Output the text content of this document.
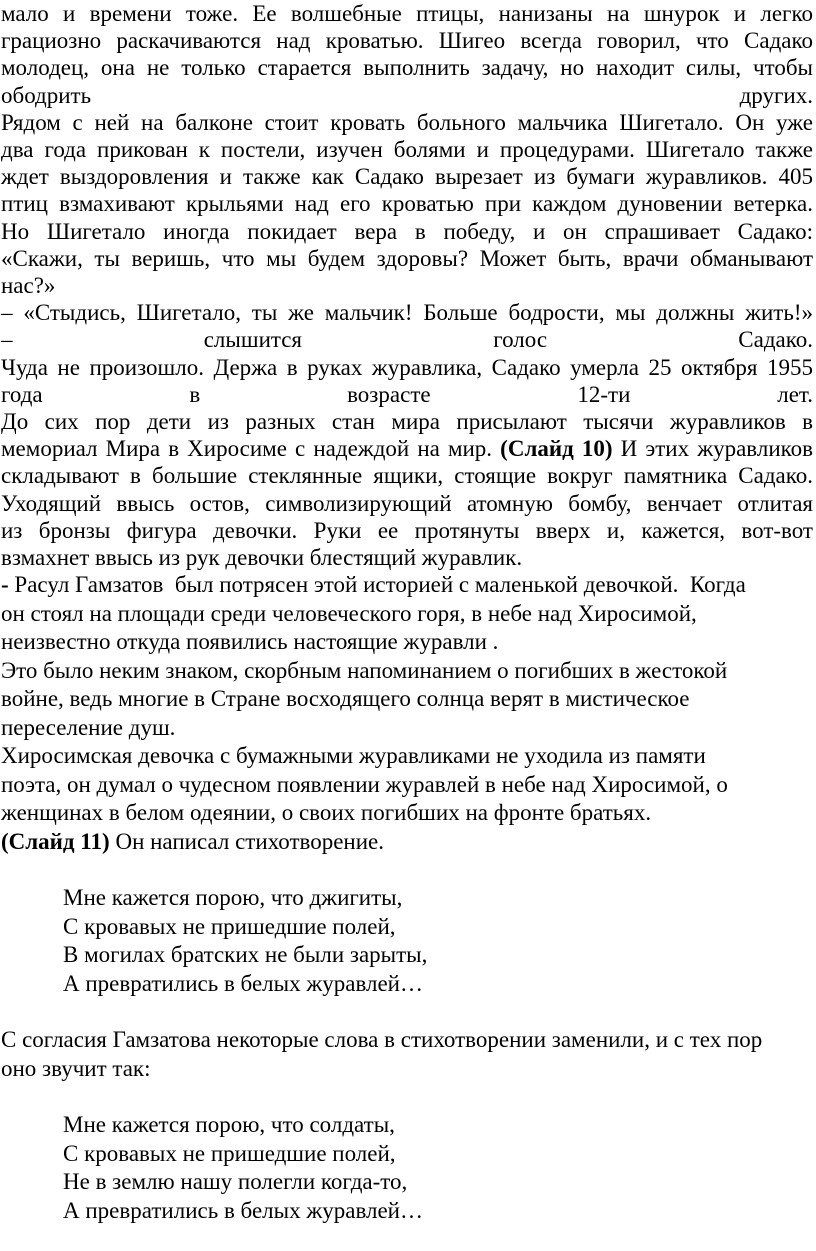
мало и времени тоже. Ее волшебные птицы, нанизаны на шнурок и легко
грациозно раскачиваются над кроватью. Шигео всегда говорил, что Садако
молодец, она не только старается выполнить задачу, но находит силы, чтобы
ободрить	других.
Рядом с ней на балконе стоит кровать больного мальчика Шигетало. Он уже
два года прикован к постели, изучен болями и процедурами. Шигетало также
ждет выздоровления и также как Садако вырезает из бумаги журавликов. 405
птиц взмахивают крыльями над его кроватью при каждом дуновении ветерка.
Но Шигетало иногда покидает вера в победу, и он спрашивает Садако:
«Скажи, ты веришь, что мы будем здоровы? Может быть, врачи обманывают
нас?»
– «Стыдись, Шигетало, ты же мальчик! Больше бодрости, мы должны жить!»
–	слышится	голос	Садако.
Чуда не произошло. Держа в руках журавлика, Садако умерла 25 октября 1955
года	в	возрасте	12-ти	лет.
До сих пор дети из разных стан мира присылают тысячи журавликов в
мемориал Мира в Хиросиме с надеждой на мир. (Слайд 10) И этих журавликов
складывают в большие стеклянные ящики, стоящие вокруг памятника Садако.
Уходящий ввысь остов, символизирующий атомную бомбу, венчает отлитая
из бронзы фигура девочки. Руки ее протянуты вверх и, кажется, вот-вот
взмахнет ввысь из рук девочки блестящий журавлик.
- Расул Гамзатов  был потрясен этой историей с маленькой девочкой.  Когда
он стоял на площади среди человеческого горя, в небе над Хиросимой,
неизвестно откуда появились настоящие журавли .
Это было неким знаком, скорбным напоминанием о погибших в жестокой
войне, ведь многие в Стране восходящего солнца верят в мистическое
переселение душ.
Хиросимская девочка с бумажными журавликами не уходила из памяти
поэта, он думал о чудесном появлении журавлей в небе над Хиросимой, о
женщинах в белом одеянии, о своих погибших на фронте братьях.
(Слайд 11) Он написал стихотворение.
Мне кажется порою, что джигиты,
С кровавых не пришедшие полей,
В могилах братских не были зарыты,
А превратились в белых журавлей…
С согласия Гамзатова некоторые слова в стихотворении заменили, и с тех пор
оно звучит так:
Мне кажется порою, что солдаты,
С кровавых не пришедшие полей,
Не в землю нашу полегли когда-то,
А превратились в белых журавлей…
